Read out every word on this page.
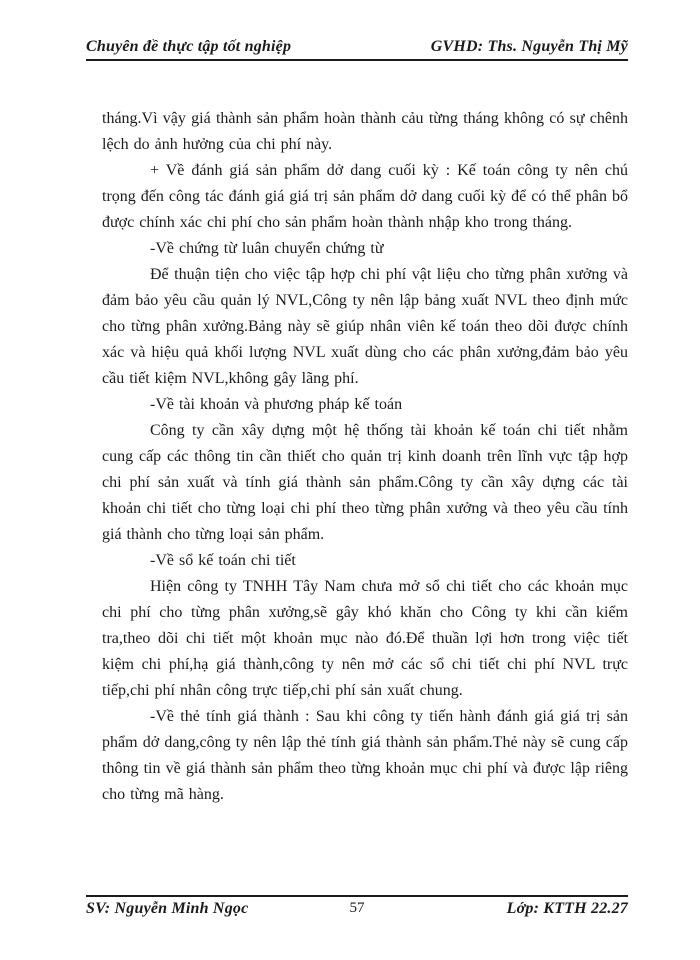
Chuyên đề thực tập tốt nghiệp	GVHD: Ths. Nguyễn Thị Mỹ

tháng.Vì vậy giá thành sản phẩm hoàn thành cảu từng tháng không có sự chênh lệch do ảnh hưởng của chi phí này.

+ Về đánh giá sản phẩm dở dang cuối kỳ : Kế toán công ty nên chú trọng đến công tác đánh giá giá trị sản phẩm dở dang cuối kỳ để có thể phân bổ được chính xác chi phí cho sản phẩm hoàn thành nhập kho trong tháng.

-Về chứng từ luân chuyển chứng từ

Để thuận tiện cho việc tập hợp chi phí vật liệu cho từng phân xưởng và đảm bảo yêu cầu quản lý NVL,Công ty nên lập bảng xuất NVL theo định mức cho từng phân xưởng.Bảng này sẽ giúp nhân viên kế toán theo dõi được chính xác và hiệu quả khối lượng NVL xuất dùng cho các phân xưởng,đảm bảo yêu cầu tiết kiệm NVL,không gây lãng phí.

-Về tài khoản và phương pháp kế toán

Công ty cần xây dựng một hệ thống tài khoản kế toán chi tiết nhằm cung cấp các thông tin cần thiết cho quản trị kinh doanh trên lĩnh vực tập hợp chi phí sản xuất và tính giá thành sản phẩm.Công ty cần xây dựng các tài khoản chi tiết cho từng loại chi phí theo từng phân xưởng và theo yêu cầu tính giá thành cho từng loại sản phẩm.

-Về sổ kế toán chi tiết

Hiện công ty TNHH Tây Nam chưa mở sổ chi tiết cho các khoản mục chi phí cho từng phân xưởng,sẽ gây khó khăn cho Công ty khi cần kiểm tra,theo dõi chi tiết một khoản mục nào đó.Để thuần lợi hơn trong việc tiết kiệm chi phí,hạ giá thành,công ty nên mở các sổ chi tiết chi phí NVL trực tiếp,chi phí nhân công trực tiếp,chi phí sản xuất chung.

-Về thẻ tính giá thành : Sau khi công ty tiến hành đánh giá giá trị sản phẩm dở dang,công ty nên lập thẻ tính giá thành sản phẩm.Thẻ này sẽ cung cấp thông tin về giá thành sản phẩm theo từng khoản mục chi phí và được lập riêng cho từng mã hàng.

SV: Nguyễn Minh Ngọc	57	Lớp: KTTH 22.27
